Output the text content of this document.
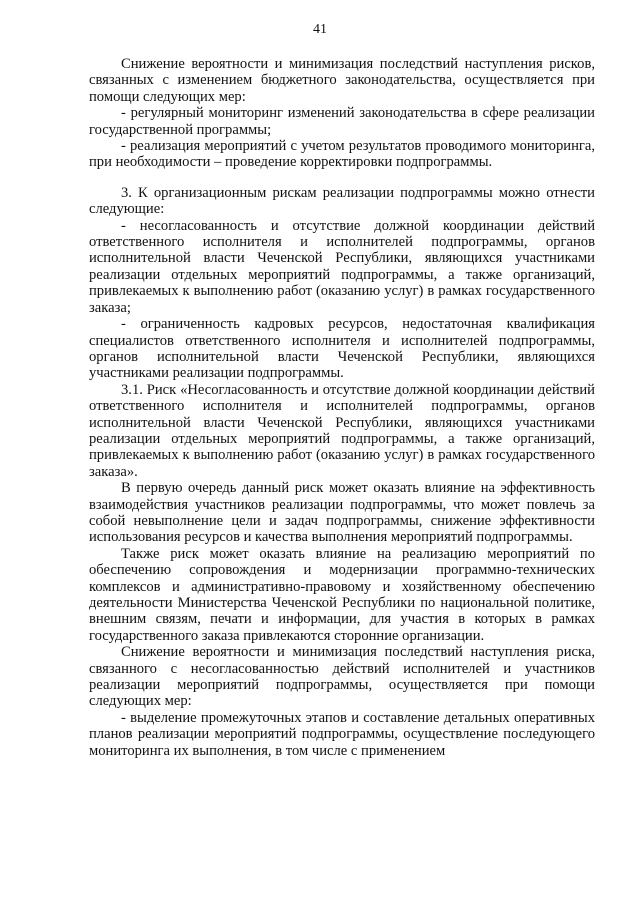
41

Снижение вероятности и минимизация последствий наступления рисков, связанных с изменением бюджетного законодательства, осуществляется при помощи следующих мер:

- регулярный мониторинг изменений законодательства в сфере реализации государственной программы;

- реализация мероприятий с учетом результатов проводимого мониторинга, при необходимости – проведение корректировки подпрограммы.

3. К организационным рискам реализации подпрограммы можно отнести следующие:

- несогласованность и отсутствие должной координации действий ответственного исполнителя и исполнителей подпрограммы, органов исполнительной власти Чеченской Республики, являющихся участниками реализации отдельных мероприятий подпрограммы, а также организаций, привлекаемых к выполнению работ (оказанию услуг) в рамках государственного заказа;

- ограниченность кадровых ресурсов, недостаточная квалификация специалистов ответственного исполнителя и исполнителей подпрограммы, органов исполнительной власти Чеченской Республики, являющихся участниками реализации подпрограммы.

3.1. Риск «Несогласованность и отсутствие должной координации действий ответственного исполнителя и исполнителей подпрограммы, органов исполнительной власти Чеченской Республики, являющихся участниками реализации отдельных мероприятий подпрограммы, а также организаций, привлекаемых к выполнению работ (оказанию услуг) в рамках государственного заказа».

В первую очередь данный риск может оказать влияние на эффективность взаимодействия участников реализации подпрограммы, что может повлечь за собой невыполнение цели и задач подпрограммы, снижение эффективности использования ресурсов и качества выполнения мероприятий подпрограммы.

Также риск может оказать влияние на реализацию мероприятий по обеспечению сопровождения и модернизации программно-технических комплексов и административно-правовому и хозяйственному обеспечению деятельности Министерства Чеченской Республики по национальной политике, внешним связям, печати и информации, для участия в которых в рамках государственного заказа привлекаются сторонние организации.

Снижение вероятности и минимизация последствий наступления риска, связанного с несогласованностью действий исполнителей и участников реализации мероприятий подпрограммы, осуществляется при помощи следующих мер:

- выделение промежуточных этапов и составление детальных оперативных планов реализации мероприятий подпрограммы, осуществление последующего мониторинга их выполнения, в том числе с применением
